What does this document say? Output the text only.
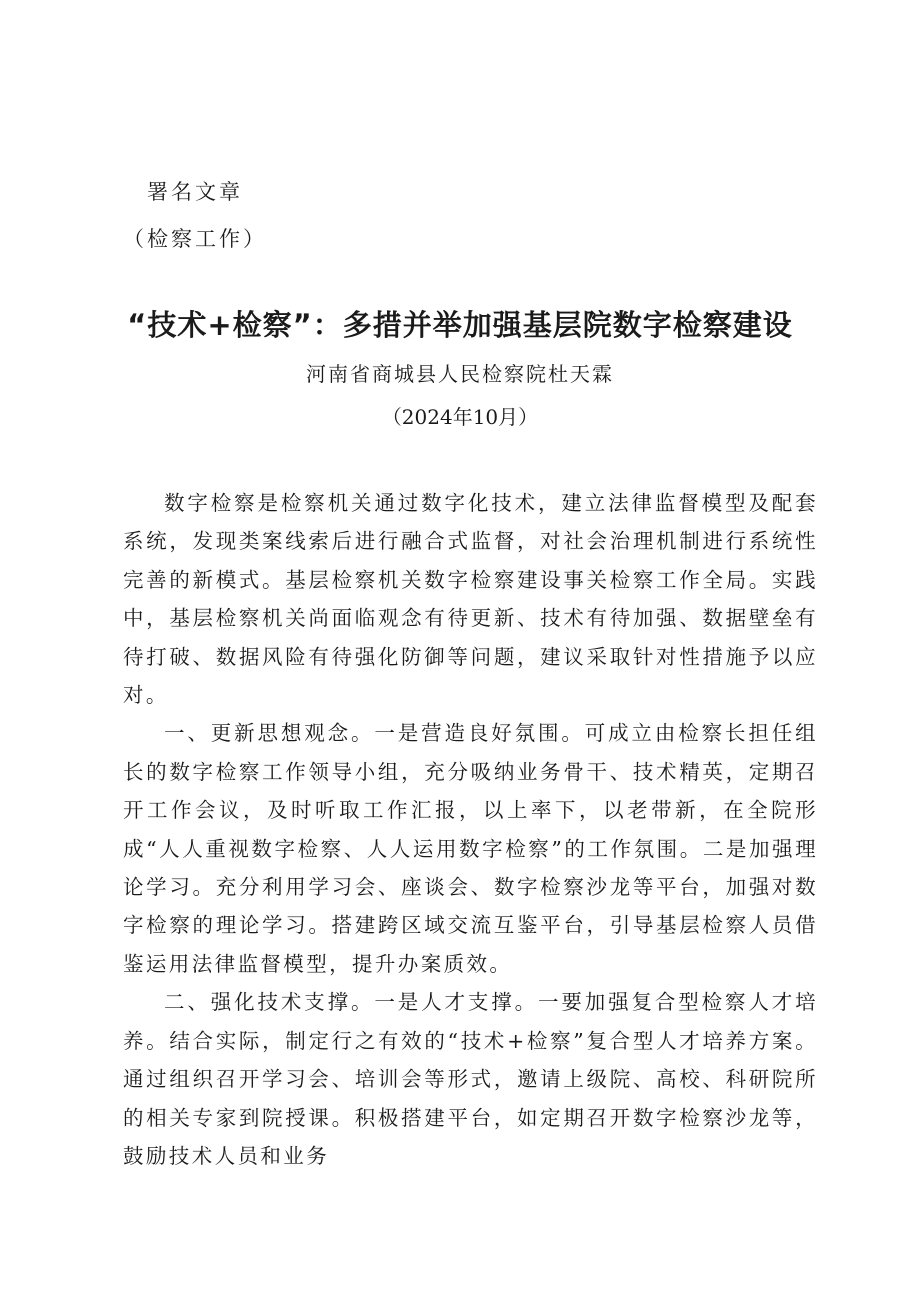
署名文章
（检察工作）
“技术+检察”：多措并举加强基层院数字检察建设
河南省商城县人民检察院杜天霖
（2024年10月）

数字检察是检察机关通过数字化技术，建立法律监督模型及配套系统，发现类案线索后进行融合式监督，对社会治理机制进行系统性完善的新模式。基层检察机关数字检察建设事关检察工作全局。实践中，基层检察机关尚面临观念有待更新、技术有待加强、数据壁垒有待打破、数据风险有待强化防御等问题，建议采取针对性措施予以应对。

一、更新思想观念。一是营造良好氛围。可成立由检察长担任组长的数字检察工作领导小组，充分吸纳业务骨干、技术精英，定期召开工作会议，及时听取工作汇报，以上率下，以老带新，在全院形成“人人重视数字检察、人人运用数字检察”的工作氛围。二是加强理论学习。充分利用学习会、座谈会、数字检察沙龙等平台，加强对数字检察的理论学习。搭建跨区域交流互鉴平台，引导基层检察人员借鉴运用法律监督模型，提升办案质效。

二、强化技术支撑。一是人才支撑。一要加强复合型检察人才培养。结合实际，制定行之有效的“技术+检察”复合型人才培养方案。通过组织召开学习会、培训会等形式，邀请上级院、高校、科研院所的相关专家到院授课。积极搭建平台，如定期召开数字检察沙龙等，鼓励技术人员和业务
